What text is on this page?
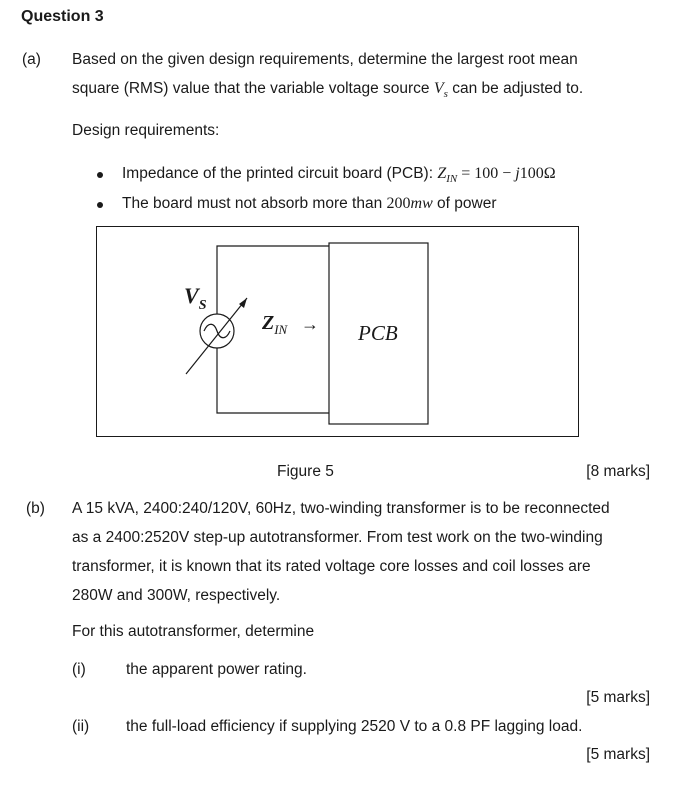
Question 3
(a) Based on the given design requirements, determine the largest root mean
square (RMS) value that the variable voltage source $V_s$ can be adjusted to.
Design requirements:
Impedance of the printed circuit board (PCB): $Z_{IN} = 100 - j100\Omega$
The board must not absorb more than 200mw of power
$V_S$
$Z_{IN}$ → PCB
Figure 5	[8 marks]
(b) A 15 kVA, 2400:240/120V, 60Hz, two-winding transformer is to be reconnected
as a 2400:2520V step-up autotransformer. From test work on the two-winding
transformer, it is known that its rated voltage core losses and coil losses are
280W and 300W, respectively.
For this autotransformer, determine
(i)	the apparent power rating.
[5 marks]
(ii) the full-load efficiency if supplying 2520 V to a 0.8 PF lagging load.
[5 marks]
